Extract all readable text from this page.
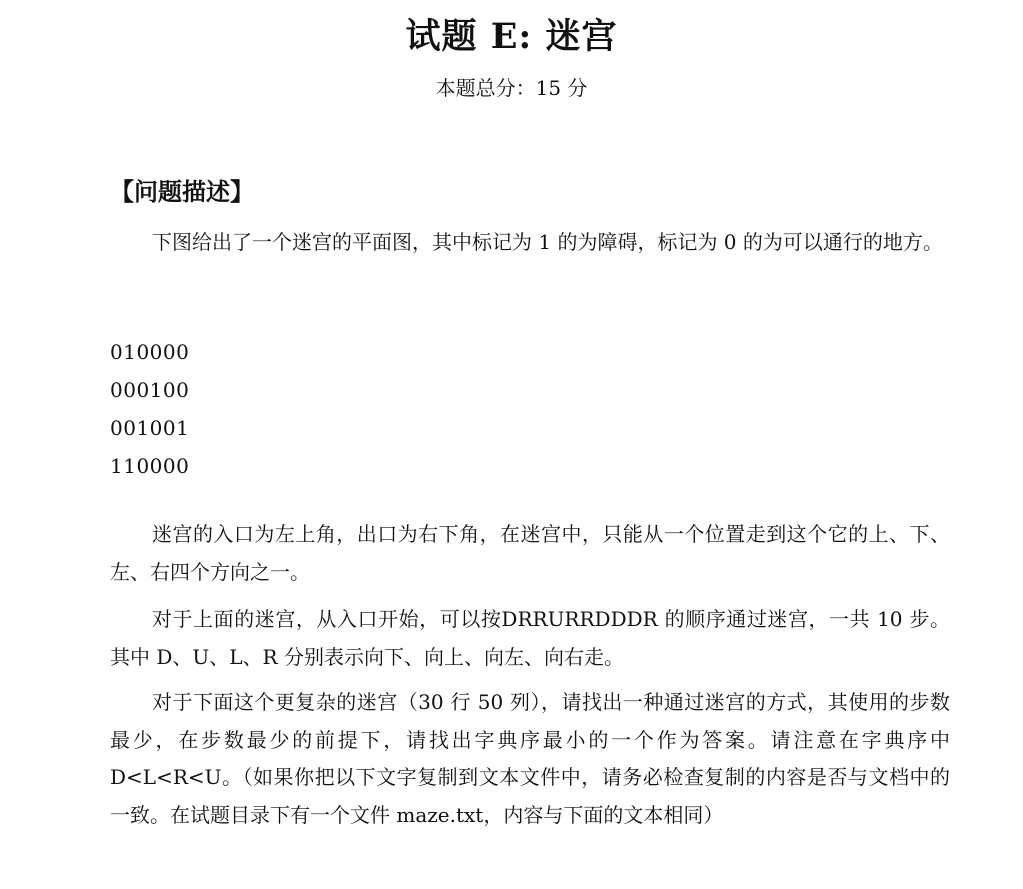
试题 E: 迷宫
本题总分：15 分
【问题描述】

下图给出了一个迷宫的平面图，其中标记为 1 的为障碍，标记为 0 的为可以通行的地方。

010000

000100

001001

110000

迷宫的入口为左上角，出口为右下角，在迷宫中，只能从一个位置走到这个它的上、下、左、右四个方向之一。

对于上面的迷宫，从入口开始，可以按DRRURRDDDR 的顺序通过迷宫，一共 10 步。其中 D、U、L、R 分别表示向下、向上、向左、向右走。

对于下面这个更复杂的迷宫（30 行 50 列），请找出一种通过迷宫的方式，其使用的步数最少，在步数最少的前提下，请找出字典序最小的一个作为答案。请注意在字典序中D<L<R<U。（如果你把以下文字复制到文本文件中，请务必检查复制的内容是否与文档中的一致。在试题目录下有一个文件 maze.txt，内容与下面的文本相同）
